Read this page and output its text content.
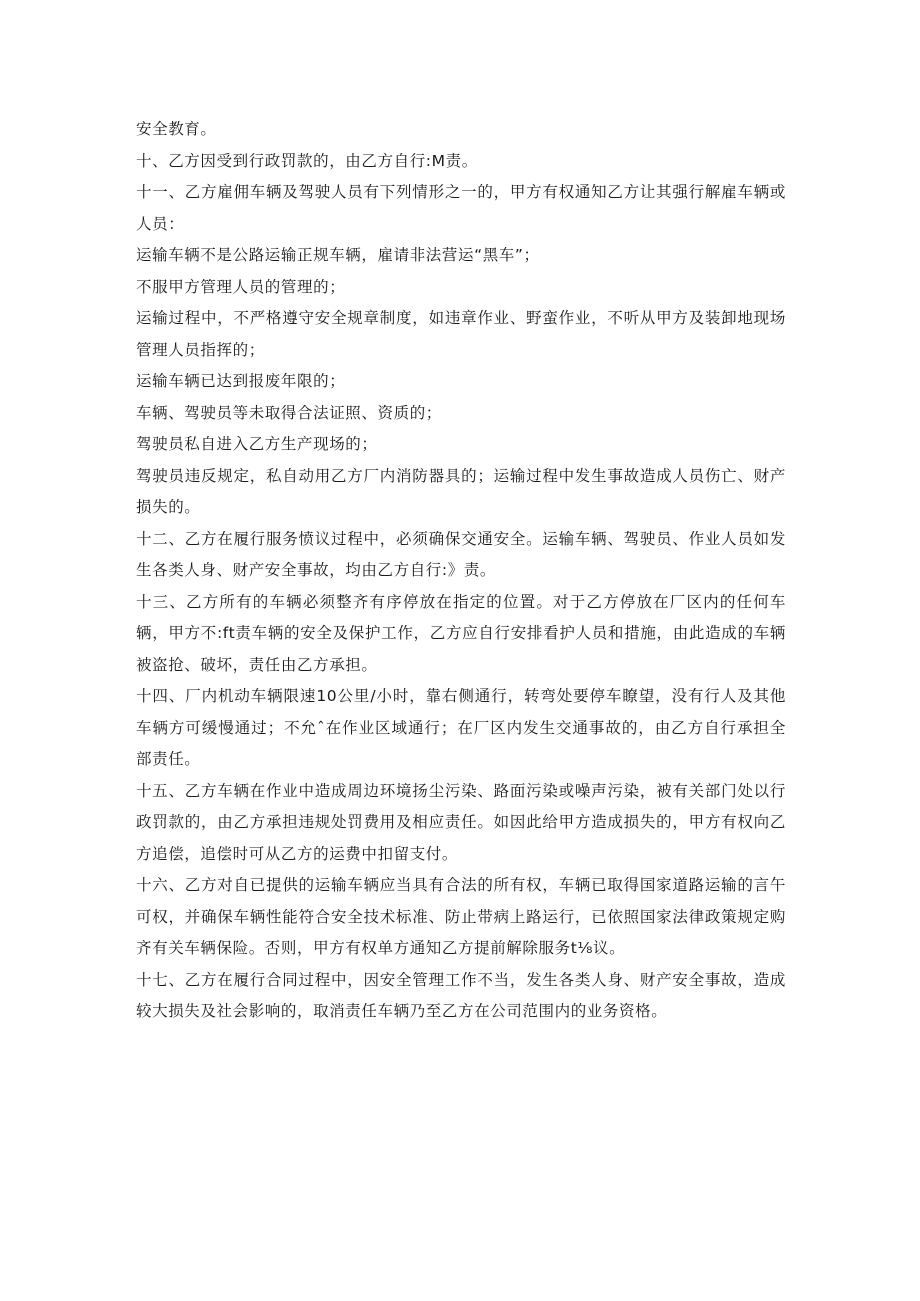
安全教育。

十、乙方因受到行政罚款的，由乙方自行:M责。

十一、乙方雇佣车辆及驾驶人员有下列情形之一的，甲方有权通知乙方让其强行解雇车辆或人员：

运输车辆不是公路运输正规车辆，雇请非法营运“黑车”；

不服甲方管理人员的管理的；

运输过程中，不严格遵守安全规章制度，如违章作业、野蛮作业，不听从甲方及装卸地现场管理人员指挥的；

运输车辆已达到报废年限的；

车辆、驾驶员等未取得合法证照、资质的；

驾驶员私自进入乙方生产现场的；

驾驶员违反规定，私自动用乙方厂内消防器具的；运输过程中发生事故造成人员伤亡、财产损失的。

十二、乙方在履行服务愤议过程中，必须确保交通安全。运输车辆、驾驶员、作业人员如发生各类人身、财产安全事故，均由乙方自行:》责。

十三、乙方所有的车辆必须整齐有序停放在指定的位置。对于乙方停放在厂区内的任何车辆，甲方不:ft责车辆的安全及保护工作，乙方应自行安排看护人员和措施，由此造成的车辆被盗抢、破坏，责任由乙方承担。

十四、厂内机动车辆限速10公里/小时，靠右侧通行，转弯处要停车瞭望，没有行人及其他车辆方可缓慢通过；不允ˆ在作业区域通行；在厂区内发生交通事故的，由乙方自行承担全部责任。

十五、乙方车辆在作业中造成周边环境扬尘污染、路面污染或噪声污染，被有关部门处以行政罚款的，由乙方承担违规处罚费用及相应责任。如因此给甲方造成损失的，甲方有权向乙方追偿，追偿时可从乙方的运费中扣留支付。

十六、乙方对自已提供的运输车辆应当具有合法的所有权，车辆已取得国家道路运输的言午可权，并确保车辆性能符合安全技术标准、防止带病上路运行，已依照国家法律政策规定购齐有关车辆保险。否则，甲方有权单方通知乙方提前解除服务t⅛议。

十七、乙方在履行合同过程中，因安全管理工作不当，发生各类人身、财产安全事故，造成较大损失及社会影响的，取消责任车辆乃至乙方在公司范围内的业务资格。
